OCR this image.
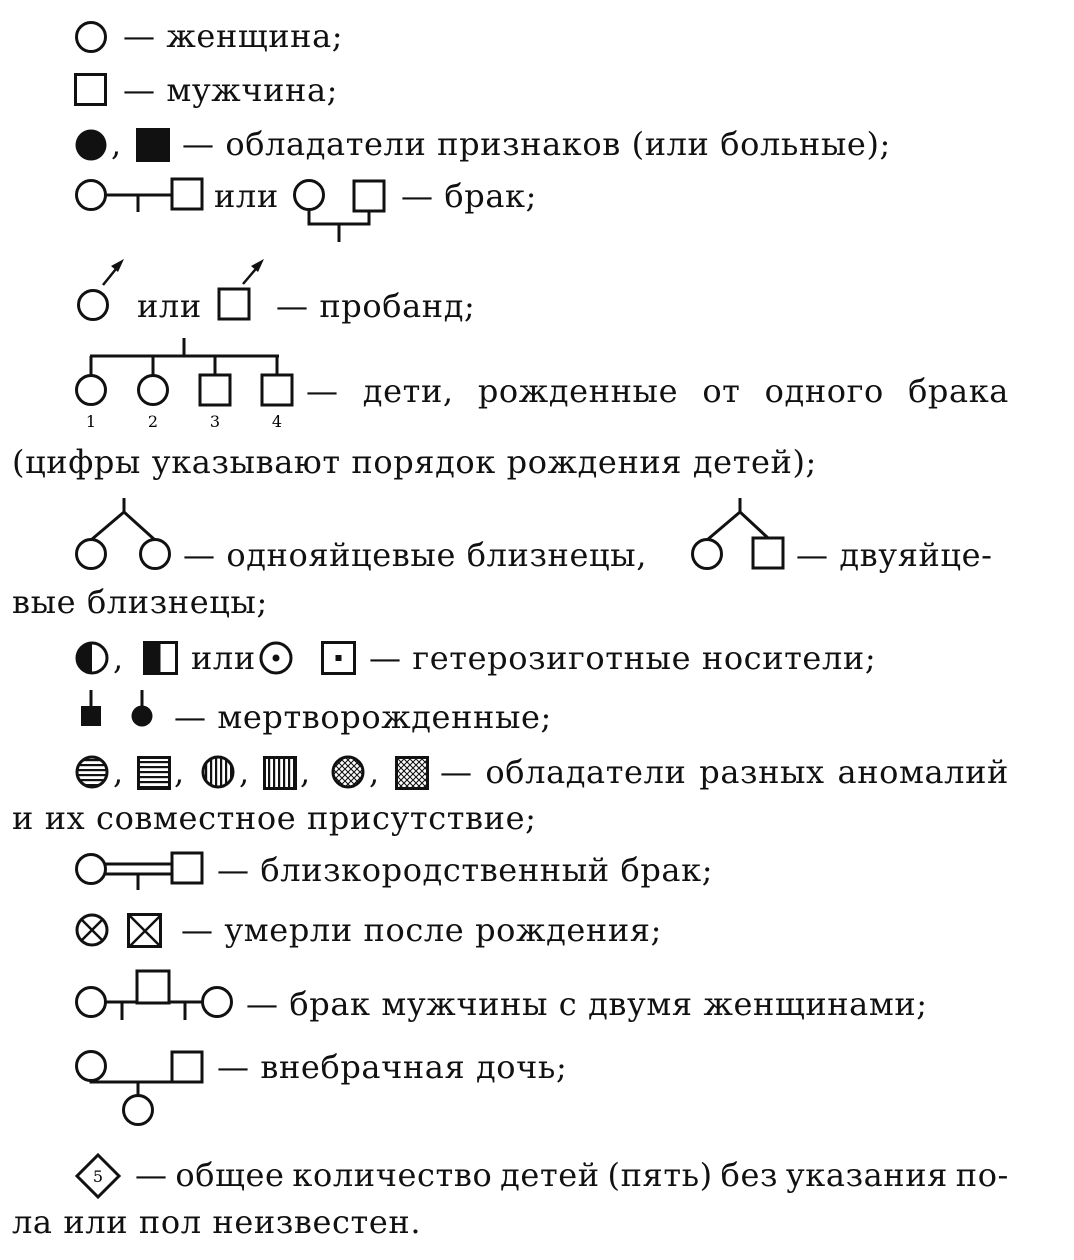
— женщина;
— мужчина;
, — обладатели признаков (или больные);
или	— брак;
или — пробанд;
1	2	3	4
— дети, рожденные от одного брака
(цифры указывают порядок рождения детей);
— однояйцевые близнецы,	— двуяйце-
вые близнецы;
, или	— гетерозиготные носители;
— мертворожденные;
, , , , , — обладатели разных аномалий
и их совместное присутствие;
— близкородственный брак;
— умерли после рождения;
— брак мужчины с двумя женщинами;
— внебрачная дочь;
5 — общее количество детей (пять) без указания по-
ла или пол неизвестен.
